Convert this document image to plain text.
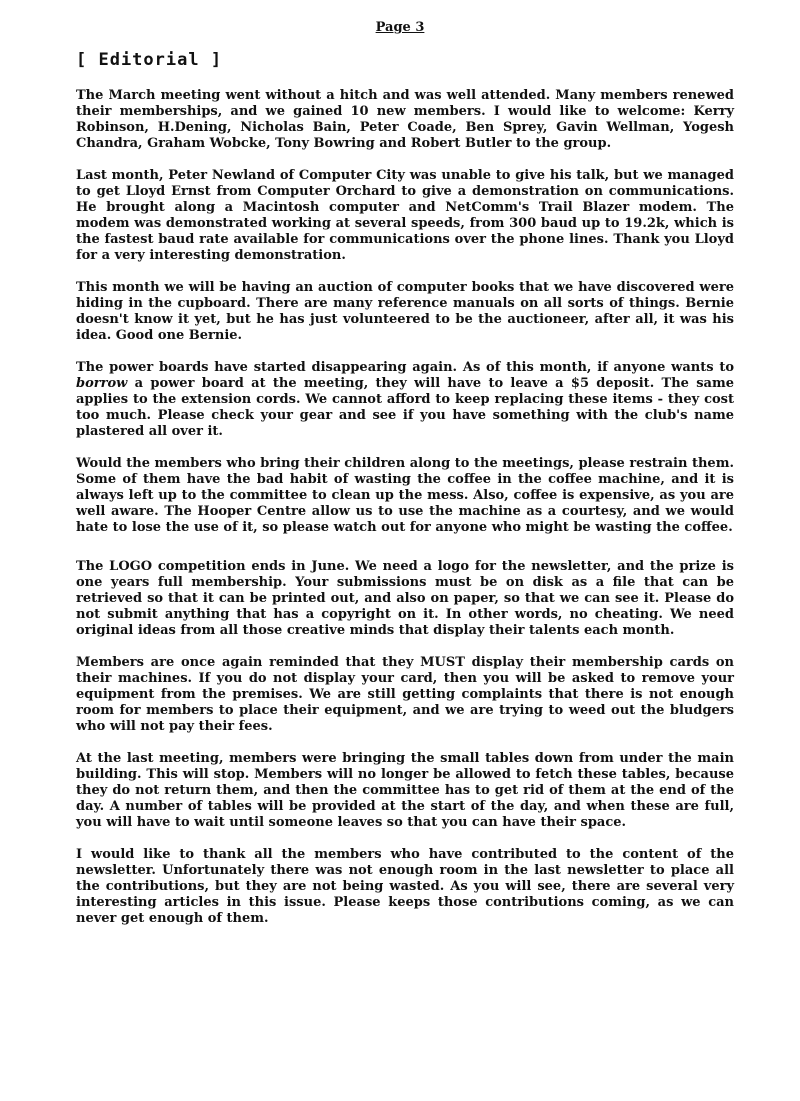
Page 3
[ Editorial ]

The March meeting went without a hitch and was well attended. Many members renewed their memberships, and we gained 10 new members. I would like to welcome: Kerry Robinson, H.Dening, Nicholas Bain, Peter Coade, Ben Sprey, Gavin Wellman, Yogesh Chandra, Graham Wobcke, Tony Bowring and Robert Butler to the group.

Last month, Peter Newland of Computer City was unable to give his talk, but we managed to get Lloyd Ernst from Computer Orchard to give a demonstration on communications. He brought along a Macintosh computer and NetComm's Trail Blazer modem. The modem was demonstrated working at several speeds, from 300 baud up to 19.2k, which is the fastest baud rate available for communications over the phone lines. Thank you Lloyd for a very interesting demonstration.

This month we will be having an auction of computer books that we have discovered were hiding in the cupboard. There are many reference manuals on all sorts of things. Bernie doesn't know it yet, but he has just volunteered to be the auctioneer, after all, it was his idea. Good one Bernie.

The power boards have started disappearing again. As of this month, if anyone wants to borrow a power board at the meeting, they will have to leave a $5 deposit. The same applies to the extension cords. We cannot afford to keep replacing these items - they cost too much. Please check your gear and see if you have something with the club's name plastered all over it.

Would the members who bring their children along to the meetings, please restrain them. Some of them have the bad habit of wasting the coffee in the coffee machine, and it is always left up to the committee to clean up the mess. Also, coffee is expensive, as you are well aware. The Hooper Centre allow us to use the machine as a courtesy, and we would hate to lose the use of it, so please watch out for anyone who might be wasting the coffee.

The LOGO competition ends in June. We need a logo for the newsletter, and the prize is one years full membership. Your submissions must be on disk as a file that can be retrieved so that it can be printed out, and also on paper, so that we can see it. Please do not submit anything that has a copyright on it. In other words, no cheating. We need original ideas from all those creative minds that display their talents each month.

Members are once again reminded that they MUST display their membership cards on their machines. If you do not display your card, then you will be asked to remove your equipment from the premises. We are still getting complaints that there is not enough room for members to place their equipment, and we are trying to weed out the bludgers who will not pay their fees.

At the last meeting, members were bringing the small tables down from under the main building. This will stop. Members will no longer be allowed to fetch these tables, because they do not return them, and then the committee has to get rid of them at the end of the day. A number of tables will be provided at the start of the day, and when these are full, you will have to wait until someone leaves so that you can have their space.

I would like to thank all the members who have contributed to the content of the newsletter. Unfortunately there was not enough room in the last newsletter to place all the contributions, but they are not being wasted. As you will see, there are several very interesting articles in this issue. Please keeps those contributions coming, as we can never get enough of them.
